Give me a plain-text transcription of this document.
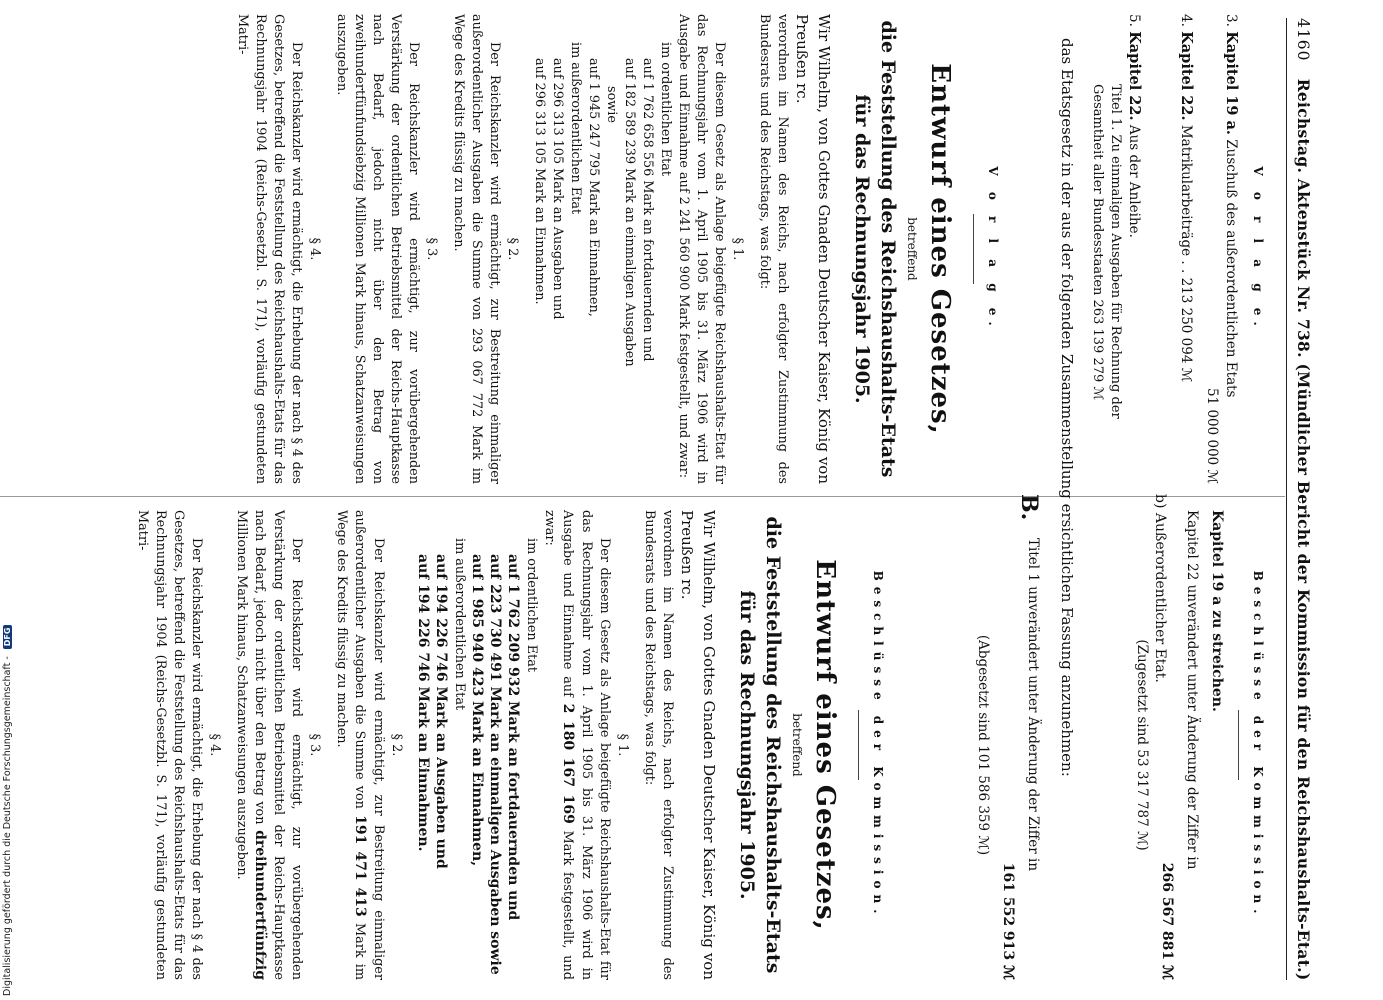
4160 Reichstag. Aktenstück Nr. 738. (Mündlicher Bericht der Kommission für den Reichshaushalts-Etat.)

V o r l a g e.

3. Kapitel 19 a. Zuschuß des außerordentlichen Etats
51 000 000 ℳ
4. Kapitel 22. Matrikularbeiträge . . 213 250 094 ℳ

b) Außerordentlicher Etat.

5. Kapitel 22. Aus der Anleihe.
Titel 1. Zu einmaligen Ausgaben für Rechnung der Gesamtheit aller Bundesstaaten 263 139 279 ℳ

das Etatsgesetz in der aus der folgenden Zusammenstellung ersichtlichen Fassung anzunehmen:

B.

V o r l a g e.

Entwurf eines Gesetzes,

betreffend

die Feststellung des Reichshaushalts-Etats für das Rechnungsjahr 1905.

Wir Wilhelm, von Gottes Gnaden Deutscher Kaiser, König von Preußen rc.

verordnen im Namen des Reichs, nach erfolgter Zustimmung des Bundesrats und des Reichstags, was folgt:

§ 1.

Der diesem Gesetz als Anlage beigefügte Reichshaushalts-Etat für das Rechnungsjahr vom 1. April 1905 bis 31. März 1906 wird in Ausgabe und Einnahme auf 2 241 560 900 Mark festgestellt, und zwar:

im ordentlichen Etat

auf 1 762 658 556 Mark an fortdauernden und

auf 182 589 239 Mark an einmaligen Ausgaben

sowie

auf 1 945 247 795 Mark an Einnahmen,

im außerordentlichen Etat

auf 296 313 105 Mark an Ausgaben und

auf 296 313 105 Mark an Einnahmen.

§ 2.

Der Reichskanzler wird ermächtigt, zur Bestreitung einmaliger außerordentlicher Ausgaben die Summe von 293 067 772 Mark im Wege des Kredits flüssig zu machen.

§ 3.

Der Reichskanzler wird ermächtigt, zur vorübergehenden Verstärkung der ordentlichen Betriebsmittel der Reichs-Hauptkasse nach Bedarf, jedoch nicht über den Betrag von zweihundertfünfundsiebzig Millionen Mark hinaus, Schatzanweisungen auszugeben.

§ 4.

Der Reichskanzler wird ermächtigt, die Erhebung der nach § 4 des Gesetzes, betreffend die Feststellung des Reichshaushalts-Etats für das Rechnungsjahr 1904 (Reichs-Gesetzbl. S. 171), vorläufig gestundeten Matri-

Beschlüsse der Kommission.

Kapitel 19 a zu streichen.

Kapitel 22 unverändert unter Änderung der Ziffer in

266 567 881 ℳ

(Zugesetzt sind 53 317 787 ℳ)

Titel 1 unverändert unter Änderung der Ziffer in

161 552 913 ℳ

(Abgesetzt sind 101 586 359 ℳ)

Beschlüsse der Kommission.

Entwurf eines Gesetzes,

betreffend

die Feststellung des Reichshaushalts-Etats für das Rechnungsjahr 1905.

Wir Wilhelm, von Gottes Gnaden Deutscher Kaiser, König von Preußen rc.

verordnen im Namen des Reichs, nach erfolgter Zustimmung des Bundesrats und des Reichstags, was folgt:

§ 1.

Der diesem Gesetz als Anlage beigefügte Reichshaushalts-Etat für das Rechnungsjahr vom 1. April 1905 bis 31. März 1906 wird in Ausgabe und Einnahme auf 2 180 167 169 Mark festgestellt, und zwar:

im ordentlichen Etat

auf 1 762 209 932 Mark an fortdauernden und

auf 223 730 491 Mark an einmaligen Ausgaben sowie

auf 1 985 940 423 Mark an Einnahmen,

im außerordentlichen Etat

auf 194 226 746 Mark an Ausgaben und

auf 194 226 746 Mark an Einnahmen.

§ 2.

Der Reichskanzler wird ermächtigt, zur Bestreitung einmaliger außerordentlicher Ausgaben die Summe von 191 471 413 Mark im Wege des Kredits flüssig zu machen.

§ 3.

Der Reichskanzler wird ermächtigt, zur vorübergehenden Verstärkung der ordentlichen Betriebsmittel der Reichs-Hauptkasse nach Bedarf, jedoch nicht über den Betrag von dreihundertfünfzig Millionen Mark hinaus, Schatzanweisungen auszugeben.

§ 4.

Der Reichskanzler wird ermächtigt, die Erhebung der nach § 4 des Gesetzes, betreffend die Feststellung des Reichshaushalts-Etats für das Rechnungsjahr 1904 (Reichs-Gesetzbl. S. 171), vorläufig gestundeten Matri-

Digitalisierung gefördert durch die Deutsche Forschungsgemeinschaft - DFG
